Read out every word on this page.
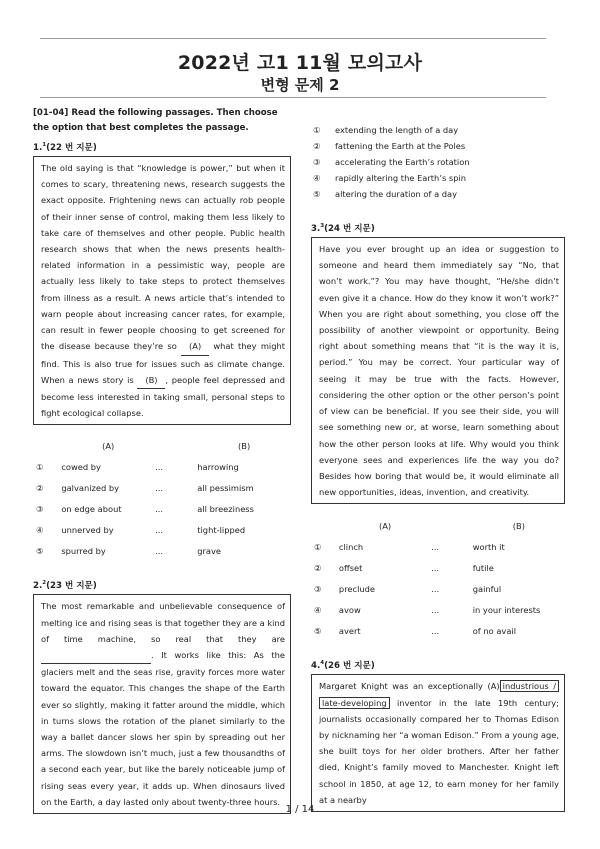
2022년 고1 11월 모의고사
변형 문제 2
[01-04] Read the following passages. Then choose the option that best completes the passage.
1.$^1$(22 번 지문)
The old saying is that “knowledge is power,” but when it comes to scary, threatening news, research suggests the exact opposite. Frightening news can actually rob people of their inner sense of control, making them less likely to take care of themselves and other people. Public health research shows that when the news presents health-related information in a pessimistic way, people are actually less likely to take steps to protect themselves from illness as a result. A news article that’s intended to warn people about increasing cancer rates, for example, can result in fewer people choosing to get screened for the disease because they’re so (A) what they might find. This is also true for issues such as climate change. When a news story is (B) , people feel depressed and become less interested in taking small, personal steps to fight ecological collapse.
(A)	(B)
①	cowed by	...	harrowing
②	galvanized by	...	all pessimism
③	on edge about	...	all breeziness
④	unnerved by	...	tight-lipped
⑤	spurred by	...	grave
2.$^2$(23 번 지문)
The most remarkable and unbelievable consequence of melting ice and rising seas is that together they are a kind of time machine, so real that they are  . It works like this: As the glaciers melt and the seas rise, gravity forces more water toward the equator. This changes the shape of the Earth ever so slightly, making it fatter around the middle, which in turns slows the rotation of the planet similarly to the way a ballet dancer slows her spin by spreading out her arms. The slowdown isn’t much, just a few thousandths of a second each year, but like the barely noticeable jump of rising seas every year, it adds up. When dinosaurs lived on the Earth, a day lasted only about twenty-three hours.
①	extending the length of a day
②	fattening the Earth at the Poles
③	accelerating the Earth’s rotation
④	rapidly altering the Earth’s spin
⑤	altering the duration of a day
3.$^3$(24 번 지문)
Have you ever brought up an idea or suggestion to someone and heard them immediately say “No, that won’t work.”? You may have thought, “He/she didn’t even give it a chance. How do they know it won’t work?” When you are right about something, you close off the possibility of another viewpoint or opportunity. Being right about something means that “it is the way it is, period.” You may be correct. Your particular way of seeing it may be true with the facts. However, considering the other option or the other person’s point of view can be beneficial. If you see their side, you will see something new or, at worse, learn something about how the other person looks at life. Why would you think everyone sees and experiences life the way you do? Besides how boring that would be, it would eliminate all new opportunities, ideas, invention, and creativity.
(A)	(B)
①	clinch	...	worth it
②	offset	...	futile
③	preclude	...	gainful
④	avow	...	in your interests
⑤	avert	...	of no avail
4.$^4$(26 번 지문)
Margaret Knight was an exceptionally (A) industrious / late-developing inventor in the late 19th century; journalists occasionally compared her to Thomas Edison by nicknaming her “a woman Edison.” From a young age, she built toys for her older brothers. After her father died, Knight’s family moved to Manchester. Knight left school in 1850, at age 12, to earn money for her family at a nearby
1 / 14
